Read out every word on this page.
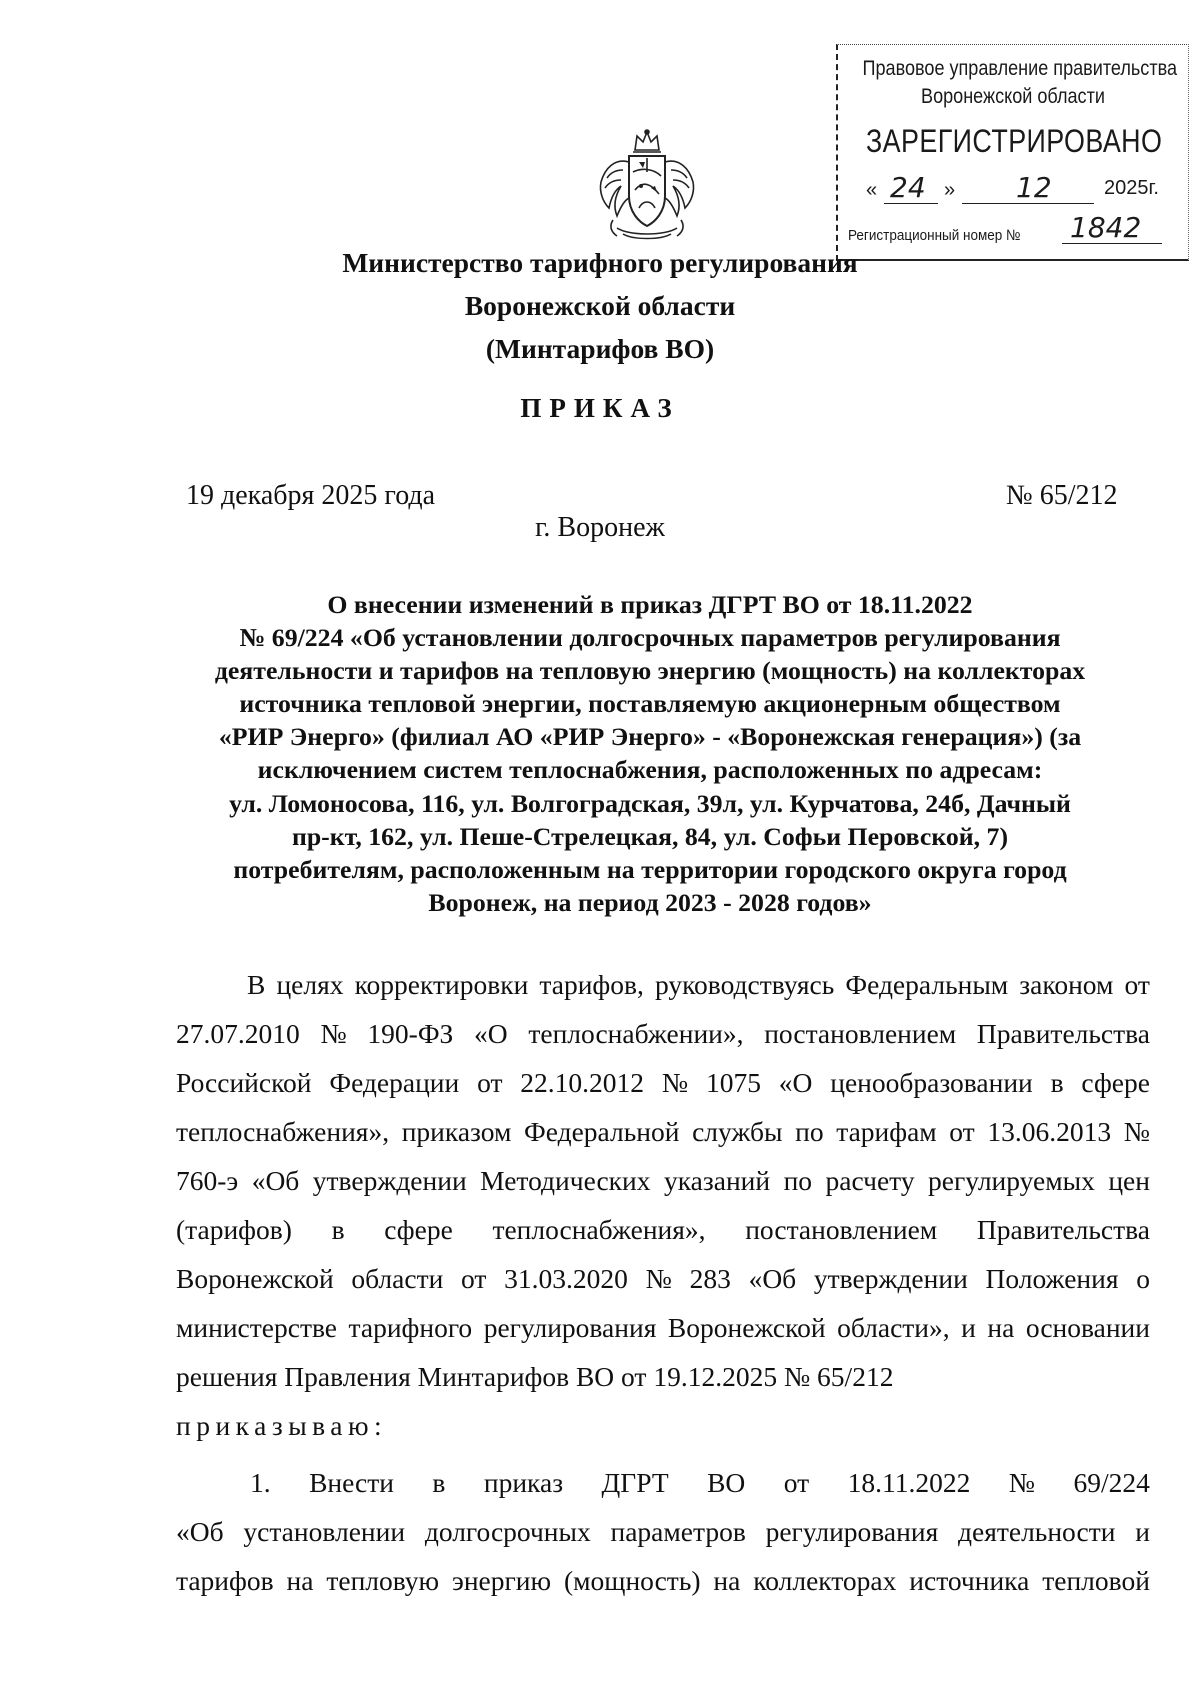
Правовое управление правительства
Воронежской области
ЗАРЕГИСТРИРОВАНО
« 24 » 12	2025г.
Регистрационный номер № 1842
Министерство тарифного регулирования
Воронежской области
(Минтарифов ВО)
ПРИКАЗ
19 декабря 2025 года	№ 65/212
г. Воронеж
О внесении изменений в приказ ДГРТ ВО от 18.11.2022
№ 69/224 «Об установлении долгосрочных параметров регулирования
деятельности и тарифов на тепловую энергию (мощность) на коллекторах
источника тепловой энергии, поставляемую акционерным обществом
«РИР Энерго» (филиал АО «РИР Энерго» - «Воронежская генерация») (за
исключением систем теплоснабжения, расположенных по адресам:
ул. Ломоносова, 116, ул. Волгоградская, 39л, ул. Курчатова, 24б, Дачный
пр-кт, 162, ул. Пеше-Стрелецкая, 84, ул. Софьи Перовской, 7)
потребителям, расположенным на территории городского округа город
Воронеж, на период 2023 - 2028 годов»
В целях корректировки тарифов, руководствуясь Федеральным законом от
27.07.2010 № 190-ФЗ «О теплоснабжении», постановлением Правительства
Российской Федерации от 22.10.2012 № 1075 «О ценообразовании в сфере
теплоснабжения», приказом Федеральной службы по тарифам от 13.06.2013 №
760-э «Об утверждении Методических указаний по расчету регулируемых цен
(тарифов) в сфере теплоснабжения», постановлением Правительства
Воронежской области от 31.03.2020 № 283 «Об утверждении Положения о
министерстве тарифного регулирования Воронежской области», и на основании
решения Правления Минтарифов ВО от 19.12.2025 № 65/212
приказываю:
1. Внести в приказ ДГРТ ВО от 18.11.2022 № 69/224
«Об установлении долгосрочных параметров регулирования деятельности и
тарифов на тепловую энергию (мощность) на коллекторах источника тепловой
